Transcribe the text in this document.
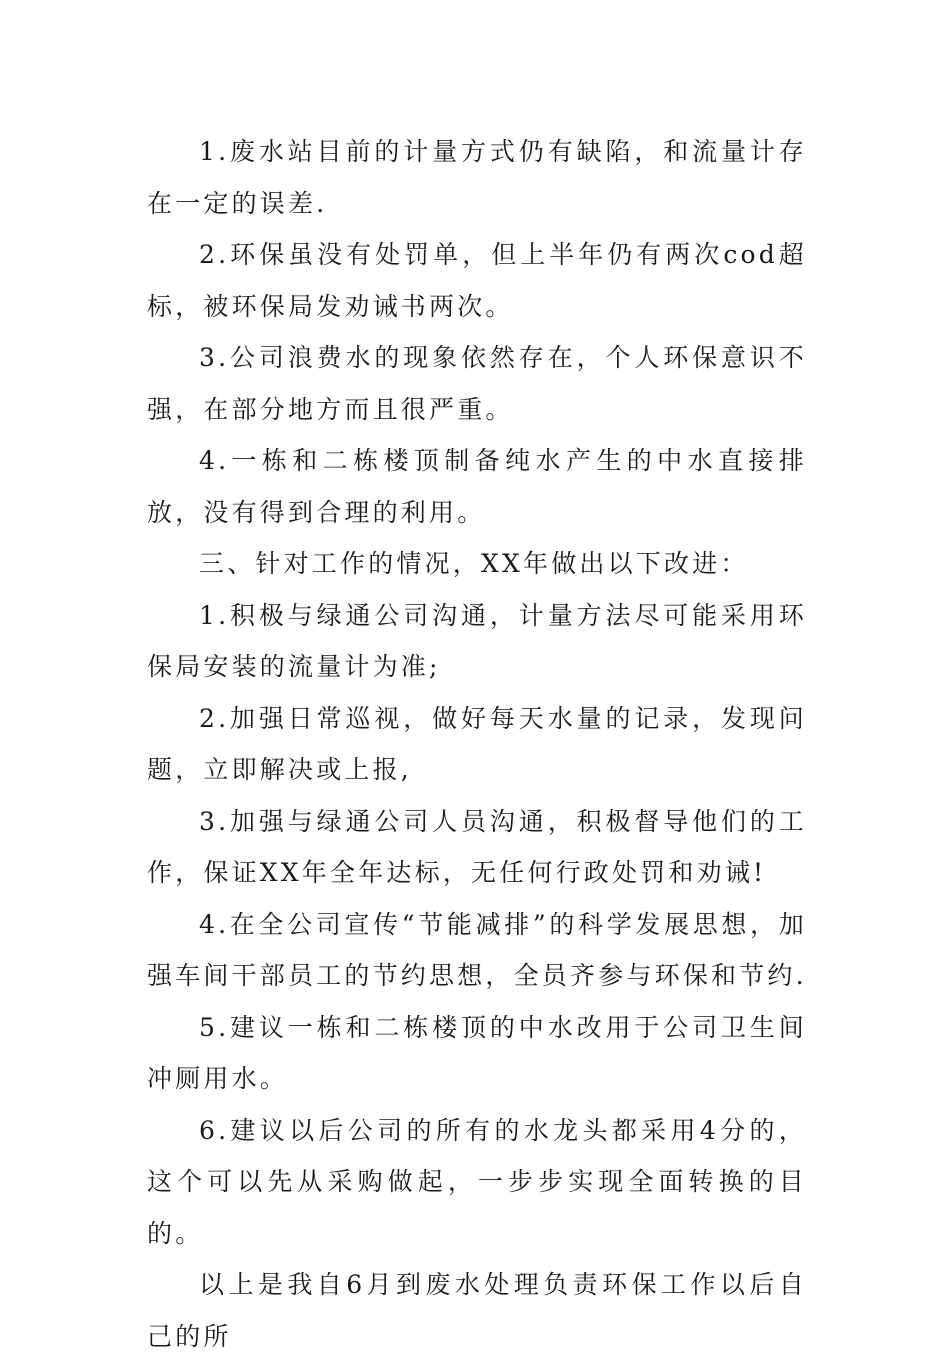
1.废水站目前的计量方式仍有缺陷，和流量计存在一定的误差.

2.环保虽没有处罚单，但上半年仍有两次cod超标，被环保局发劝诫书两次。

3.公司浪费水的现象依然存在，个人环保意识不强，在部分地方而且很严重。

4.一栋和二栋楼顶制备纯水产生的中水直接排放，没有得到合理的利用。

三、针对工作的情况，XX年做出以下改进：

1.积极与绿通公司沟通，计量方法尽可能采用环保局安装的流量计为准;

2.加强日常巡视，做好每天水量的记录，发现问题，立即解决或上报,

3.加强与绿通公司人员沟通，积极督导他们的工作，保证XX年全年达标，无任何行政处罚和劝诫!

4.在全公司宣传“节能减排”的科学发展思想，加强车间干部员工的节约思想，全员齐参与环保和节约.

5.建议一栋和二栋楼顶的中水改用于公司卫生间冲厕用水。

6.建议以后公司的所有的水龙头都采用4分的，这个可以先从采购做起，一步步实现全面转换的目的。

以上是我自6月到废水处理负责环保工作以后自己的所
